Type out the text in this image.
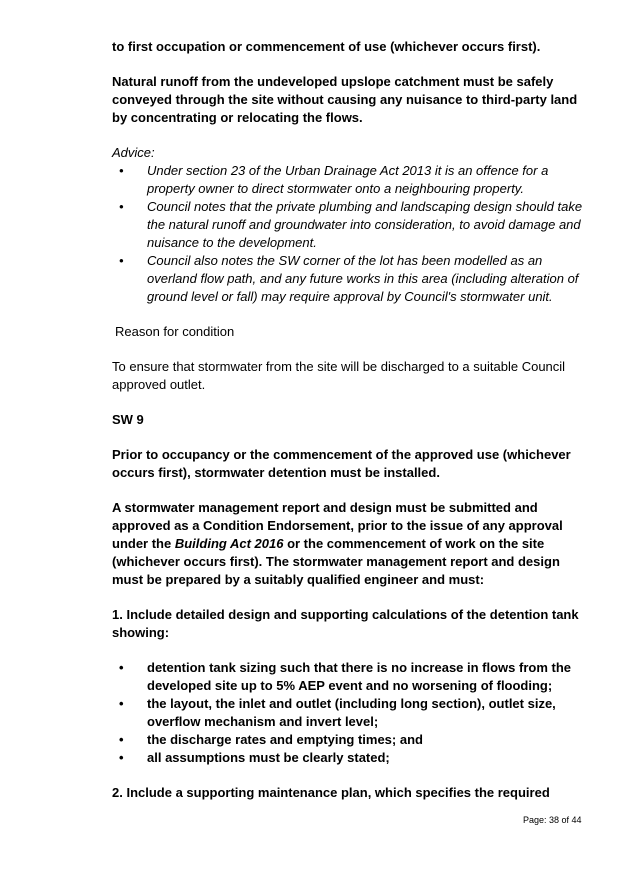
to first occupation or commencement of use (whichever occurs first).

Natural runoff from the undeveloped upslope catchment must be safely conveyed through the site without causing any nuisance to third-party land by concentrating or relocating the flows.

Advice:

• Under section 23 of the Urban Drainage Act 2013 it is an offence for a property owner to direct stormwater onto a neighbouring property.
• Council notes that the private plumbing and landscaping design should take the natural runoff and groundwater into consideration, to avoid damage and nuisance to the development.
• Council also notes the SW corner of the lot has been modelled as an overland flow path, and any future works in this area (including alteration of ground level or fall) may require approval by Council's stormwater unit.

Reason for condition

To ensure that stormwater from the site will be discharged to a suitable Council approved outlet.

SW 9

Prior to occupancy or the commencement of the approved use (whichever occurs first), stormwater detention must be installed.

A stormwater management report and design must be submitted and approved as a Condition Endorsement, prior to the issue of any approval under the Building Act 2016 or the commencement of work on the site (whichever occurs first). The stormwater management report and design must be prepared by a suitably qualified engineer and must:

1. Include detailed design and supporting calculations of the detention tank showing:

• detention tank sizing such that there is no increase in flows from the developed site up to 5% AEP event and no worsening of flooding;
• the layout, the inlet and outlet (including long section), outlet size, overflow mechanism and invert level;
• the discharge rates and emptying times; and
• all assumptions must be clearly stated;

2. Include a supporting maintenance plan, which specifies the required

Page: 38 of 44
